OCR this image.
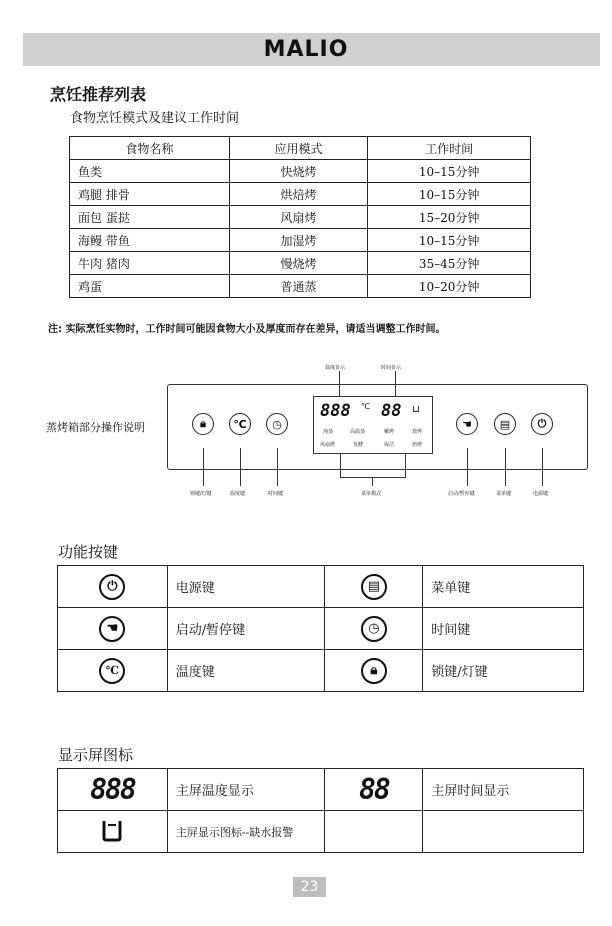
MALIO
烹饪推荐列表
食物烹饪模式及建议工作时间
食物名称	应用模式	工作时间
鱼类	快烧烤	10–15分钟
鸡腿 排骨	烘焙烤	10–15分钟
面包 蛋挞	风扇烤	15–20分钟
海鳗 带鱼	加湿烤	10–15分钟
牛肉 猪肉	慢烧烤	35–45分钟
鸡蛋	普通蒸	10–20分钟
注: 实际烹饪实物时，工作时间可能因食物大小及厚度而存在差异，请适当调整工作时间。
蒸烤箱部分操作说明
温度显示	时间显示
🔒︎ ℃ ◷
888 ℃ 88 ⊔
炖蒸	高温蒸	嫩烤	烧烤
风扇烤	发酵	保洁	焙烤
☚	▤ ⏻
锁键/灯键	温度键	时间键	菜单模式	启动/暂停键	菜单键	电源键
功能按键
⏻	电源键	▤	菜单键
☚	启动/暂停键	◷	时间键
℃	温度键	🔒︎	锁键/灯键
显示屏图标
888	主屏温度显示	88	主屏时间显示
	主屏显示图标--缺水报警		
23
